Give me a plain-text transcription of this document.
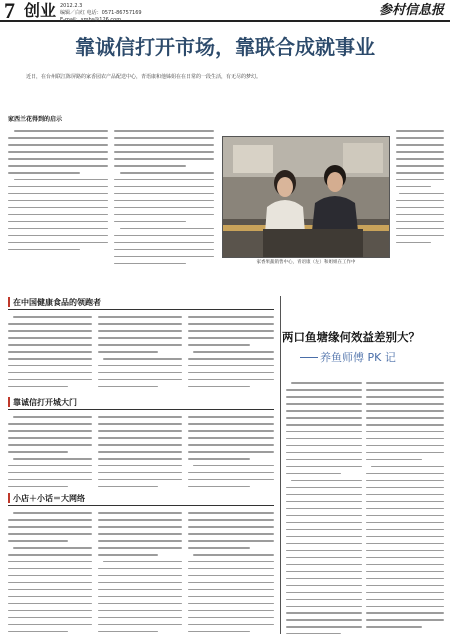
7 创业 2012.2.3
编辑／白红 电话：0571-86757169
E-mail：xmbs@126.com
参村信息报
靠诚信打开市场，靠联合成就事业
近日，在台州联江陈屏路的家香园农产品配送中心，青语康和他姊姐在在日常的一段生活，有无尽的梦幻。
家西兰花得到的启示
家香果蔬销售中心，青语康（左）和姐姐在工作中
在中国健康食品的领跑者
靠诚信打开城大门
小店＋小话＝大网络
两口鱼塘缘何效益差别大？
养鱼师傅 PK 记
